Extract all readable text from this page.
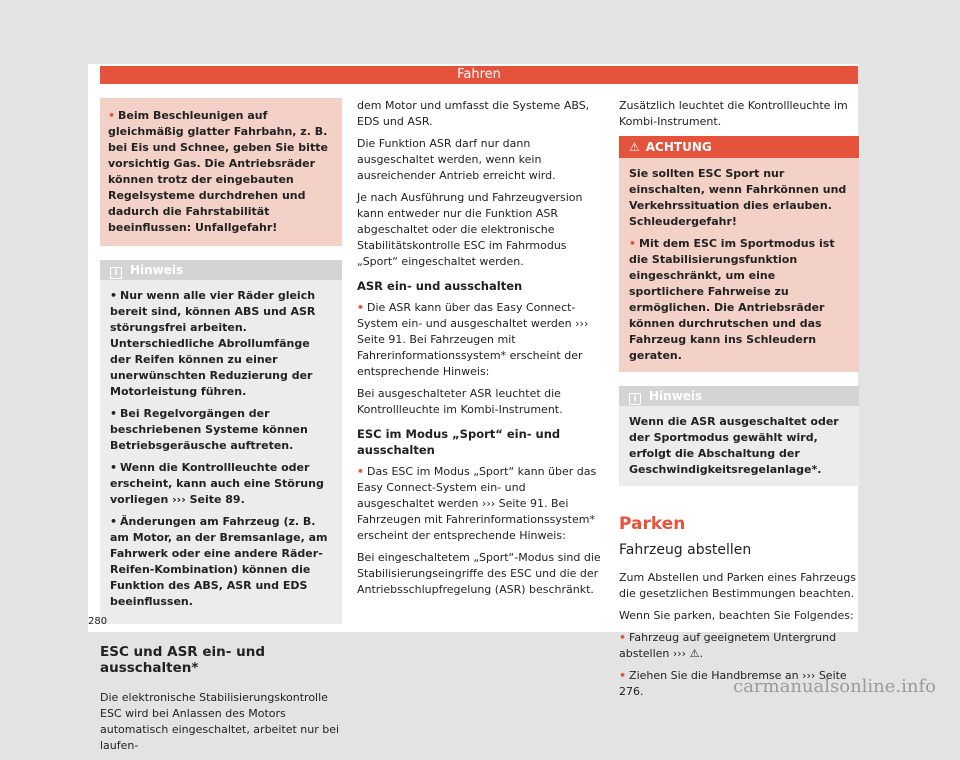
Fahren
• Beim Beschleunigen auf gleichmäßig glatter Fahrbahn, z. B. bei Eis und Schnee, geben Sie bitte vorsichtig Gas. Die Antriebsräder können trotz der eingebauten Regelsysteme durchdrehen und dadurch die Fahrstabilität beeinflussen: Unfallgefahr!
i Hinweis

• Nur wenn alle vier Räder gleich bereit sind, können ABS und ASR störungsfrei arbeiten. Unterschiedliche Abrollumfänge der Reifen können zu einer unerwünschten Reduzierung der Motorleistung führen.

• Bei Regelvorgängen der beschriebenen Systeme können Betriebsgeräusche auftreten.

• Wenn die Kontrollleuchte oder erscheint, kann auch eine Störung vorliegen ››› Seite 89.

• Änderungen am Fahrzeug (z. B. am Motor, an der Bremsanlage, am Fahrwerk oder eine andere Räder-Reifen-Kombination) können die Funktion des ABS, ASR und EDS beeinflussen.

ESC und ASR ein- und ausschalten*

Die elektronische Stabilisierungskontrolle ESC wird bei Anlassen des Motors automatisch eingeschaltet, arbeitet nur bei laufen-

dem Motor und umfasst die Systeme ABS, EDS und ASR.

Die Funktion ASR darf nur dann ausgeschaltet werden, wenn kein ausreichender Antrieb erreicht wird.

Je nach Ausführung und Fahrzeugversion kann entweder nur die Funktion ASR abgeschaltet oder die elektronische Stabilitätskontrolle ESC im Fahrmodus „Sport“ eingeschaltet werden.

ASR ein- und ausschalten

• Die ASR kann über das Easy Connect-System ein- und ausgeschaltet werden ››› Seite 91. Bei Fahrzeugen mit Fahrerinformationssystem* erscheint der entsprechende Hinweis:

Bei ausgeschalteter ASR leuchtet die Kontrollleuchte im Kombi-Instrument.

ESC im Modus „Sport“ ein- und ausschalten

• Das ESC im Modus „Sport“ kann über das Easy Connect-System ein- und ausgeschaltet werden ››› Seite 91. Bei Fahrzeugen mit Fahrerinformationssystem* erscheint der entsprechende Hinweis:

Bei eingeschaltetem „Sport“-Modus sind die Stabilisierungseingriffe des ESC und die der Antriebsschlupfregelung (ASR) beschränkt.

Zusätzlich leuchtet die Kontrollleuchte im Kombi-Instrument.

⚠ ACHTUNG

Sie sollten ESC Sport nur einschalten, wenn Fahrkönnen und Verkehrssituation dies erlauben. Schleudergefahr!

• Mit dem ESC im Sportmodus ist die Stabilisierungsfunktion eingeschränkt, um eine sportlichere Fahrweise zu ermöglichen. Die Antriebsräder können durchrutschen und das Fahrzeug kann ins Schleudern geraten.

i Hinweis
Wenn die ASR ausgeschaltet oder der Sportmodus gewählt wird, erfolgt die Abschaltung der Geschwindigkeitsregelanlage*.
Parken
Fahrzeug abstellen

Zum Abstellen und Parken eines Fahrzeugs die gesetzlichen Bestimmungen beachten.

Wenn Sie parken, beachten Sie Folgendes:

• Fahrzeug auf geeignetem Untergrund abstellen ››› ⚠.

• Ziehen Sie die Handbremse an ››› Seite 276.

280
carmanualsonline.info
